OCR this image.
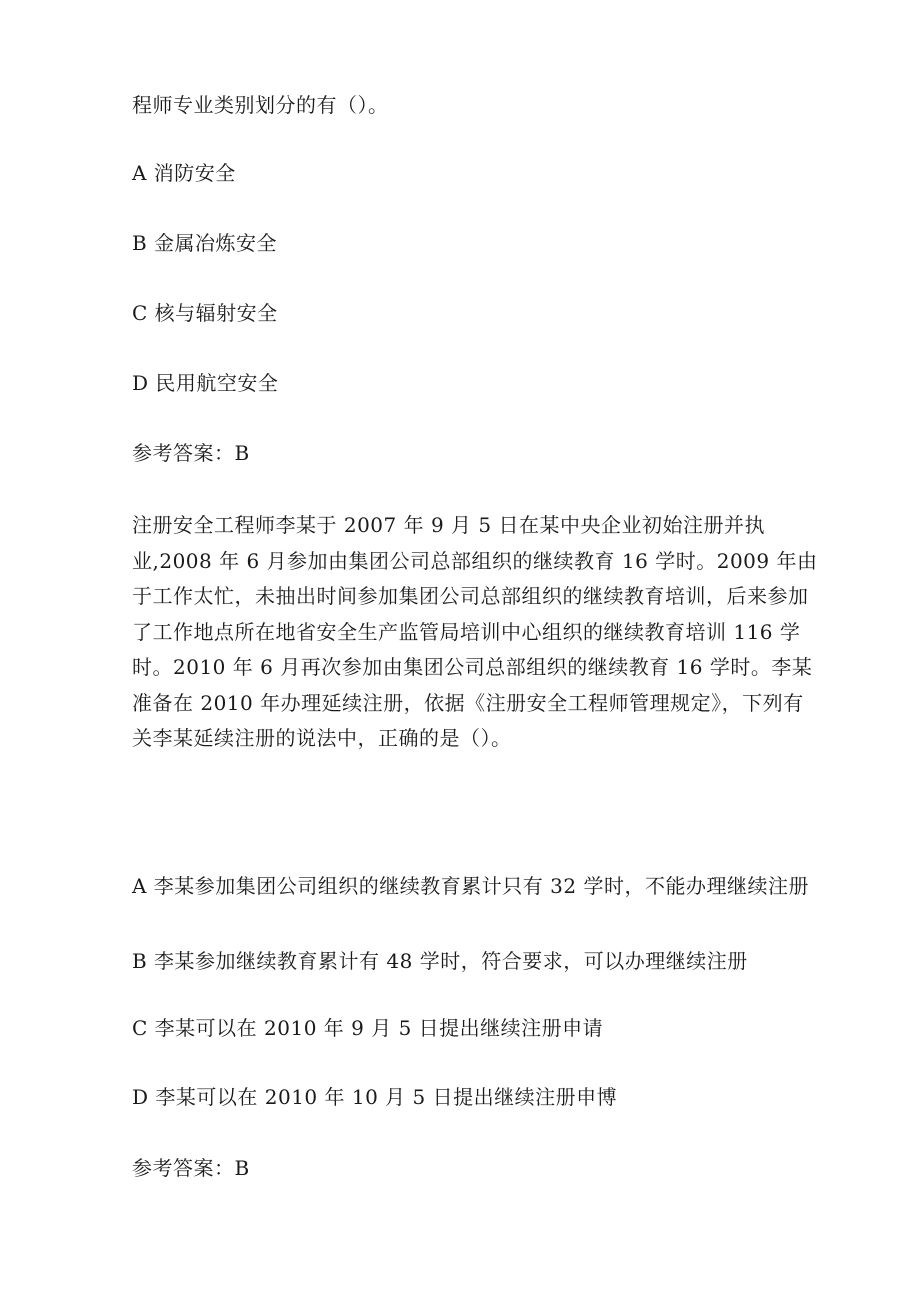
程师专业类别划分的有（）。
A 消防安全
B 金属冶炼安全
C 核与辐射安全
D 民用航空安全
参考答案：B
注册安全工程师李某于 2007 年 9 月 5 日在某中央企业初始注册并执
业,2008 年 6 月参加由集团公司总部组织的继续教育 16 学时。2009 年由
于工作太忙，未抽出时间参加集团公司总部组织的继续教育培训，后来参加
了工作地点所在地省安全生产监管局培训中心组织的继续教育培训 116 学
时。2010 年 6 月再次参加由集团公司总部组织的继续教育 16 学时。李某
准备在 2010 年办理延续注册，依据《注册安全工程师管理规定》，下列有
关李某延续注册的说法中，正确的是（）。
A 李某参加集团公司组织的继续教育累计只有 32 学时，不能办理继续注册
B 李某参加继续教育累计有 48 学时，符合要求，可以办理继续注册
C 李某可以在 2010 年 9 月 5 日提出继续注册申请
D 李某可以在 2010 年 10 月 5 日提出继续注册申博
参考答案：B
